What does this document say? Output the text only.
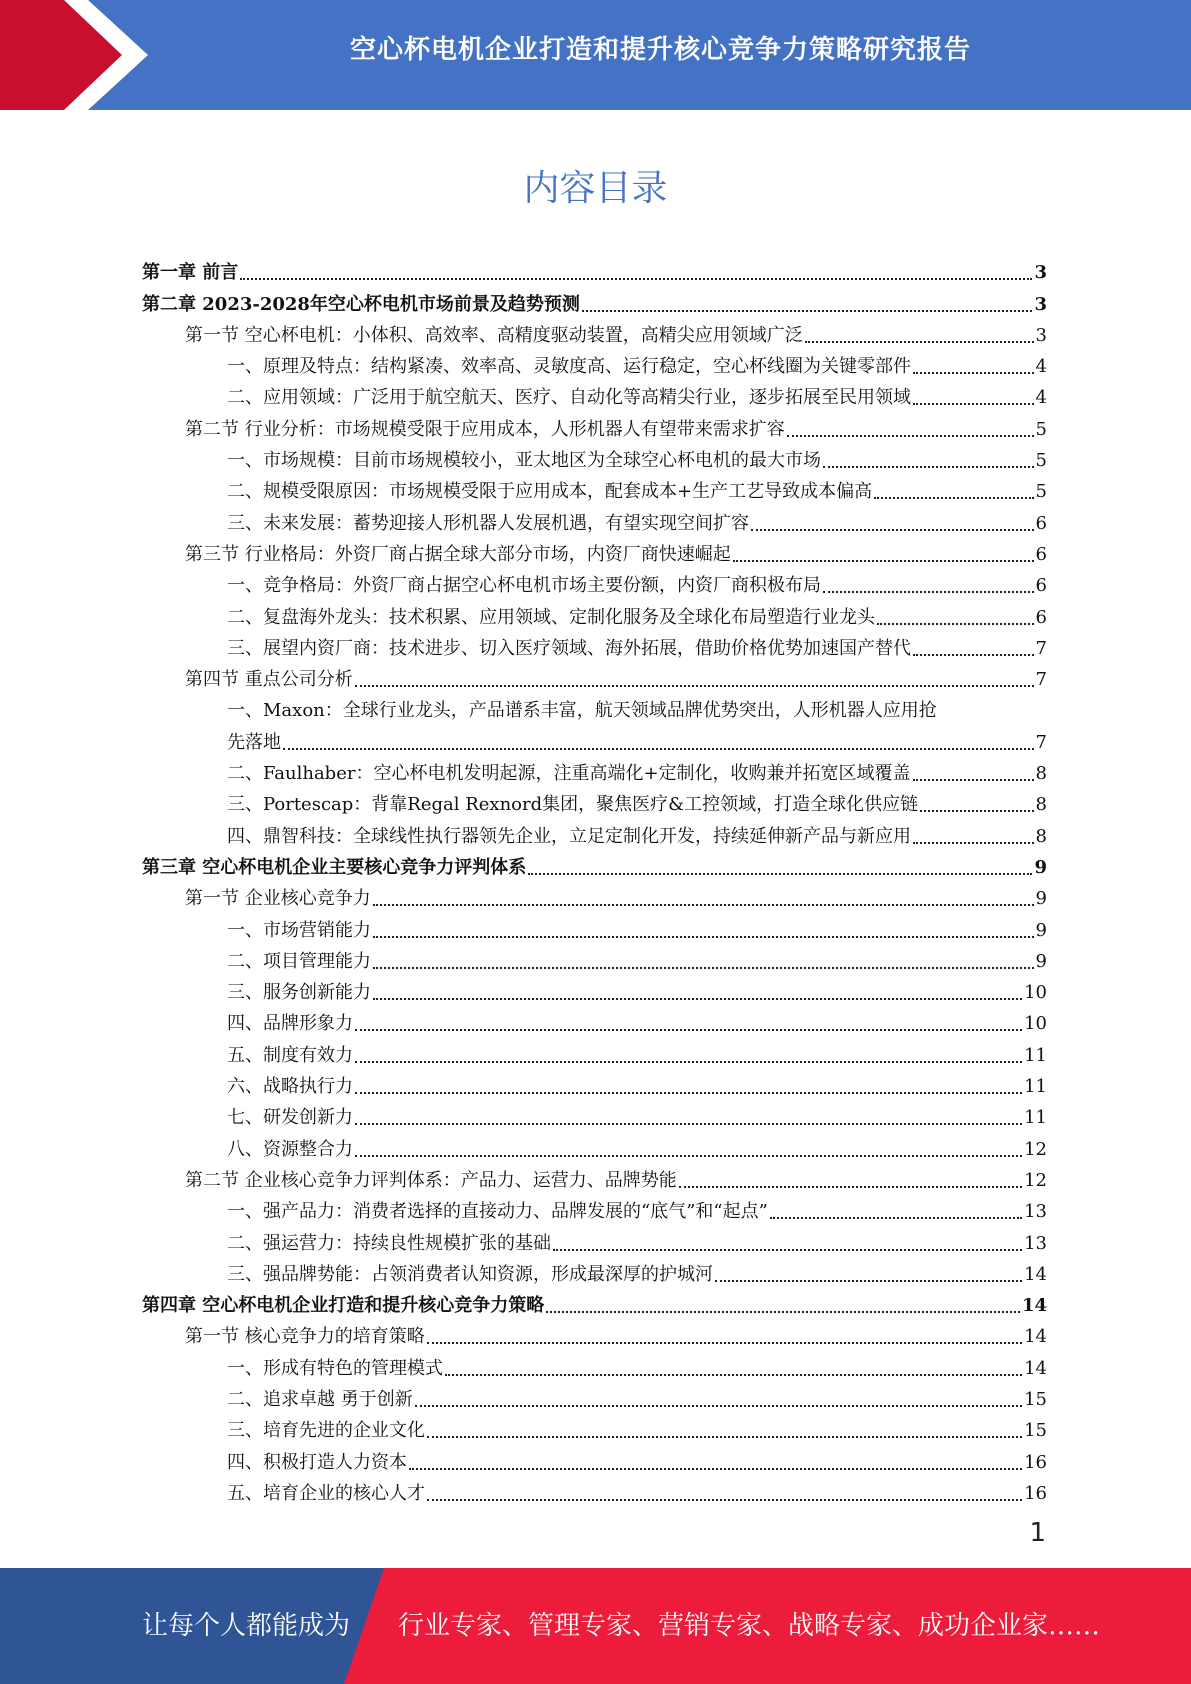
空心杯电机企业打造和提升核心竞争力策略研究报告
内容目录
第一章 前言	3
第二章 2023-2028年空心杯电机市场前景及趋势预测	3
第一节 空心杯电机：小体积、高效率、高精度驱动装置，高精尖应用领域广泛	3
一、原理及特点：结构紧凑、效率高、灵敏度高、运行稳定，空心杯线圈为关键零部件	4
二、应用领域：广泛用于航空航天、医疗、自动化等高精尖行业，逐步拓展至民用领域	4
第二节 行业分析：市场规模受限于应用成本，人形机器人有望带来需求扩容	5
一、市场规模：目前市场规模较小，亚太地区为全球空心杯电机的最大市场	5
二、规模受限原因：市场规模受限于应用成本，配套成本+生产工艺导致成本偏高	5
三、未来发展：蓄势迎接人形机器人发展机遇，有望实现空间扩容	6
第三节 行业格局：外资厂商占据全球大部分市场，内资厂商快速崛起	6
一、竞争格局：外资厂商占据空心杯电机市场主要份额，内资厂商积极布局	6
二、复盘海外龙头：技术积累、应用领域、定制化服务及全球化布局塑造行业龙头	6
三、展望内资厂商：技术进步、切入医疗领域、海外拓展，借助价格优势加速国产替代	7
第四节 重点公司分析	7
一、Maxon：全球行业龙头，产品谱系丰富，航天领域品牌优势突出，人形机器人应用抢
先落地	7
二、Faulhaber：空心杯电机发明起源，注重高端化+定制化，收购兼并拓宽区域覆盖	8
三、Portescap：背靠Regal Rexnord集团，聚焦医疗&工控领域，打造全球化供应链	8
四、鼎智科技：全球线性执行器领先企业，立足定制化开发，持续延伸新产品与新应用	8
第三章 空心杯电机企业主要核心竞争力评判体系	9
第一节 企业核心竞争力	9
一、市场营销能力	9
二、项目管理能力	9
三、服务创新能力	10
四、品牌形象力	10
五、制度有效力	11
六、战略执行力	11
七、研发创新力	11
八、资源整合力	12
第二节 企业核心竞争力评判体系：产品力、运营力、品牌势能	12
一、强产品力：消费者选择的直接动力、品牌发展的“底气”和“起点”	13
二、强运营力：持续良性规模扩张的基础	13
三、强品牌势能：占领消费者认知资源，形成最深厚的护城河	14
第四章 空心杯电机企业打造和提升核心竞争力策略	14
第一节 核心竞争力的培育策略	14
一、形成有特色的管理模式	14
二、追求卓越 勇于创新	15
三、培育先进的企业文化	15
四、积极打造人力资本	16
五、培育企业的核心人才	16
1
让每个人都能成为 行业专家、管理专家、营销专家、战略专家、成功企业家……
